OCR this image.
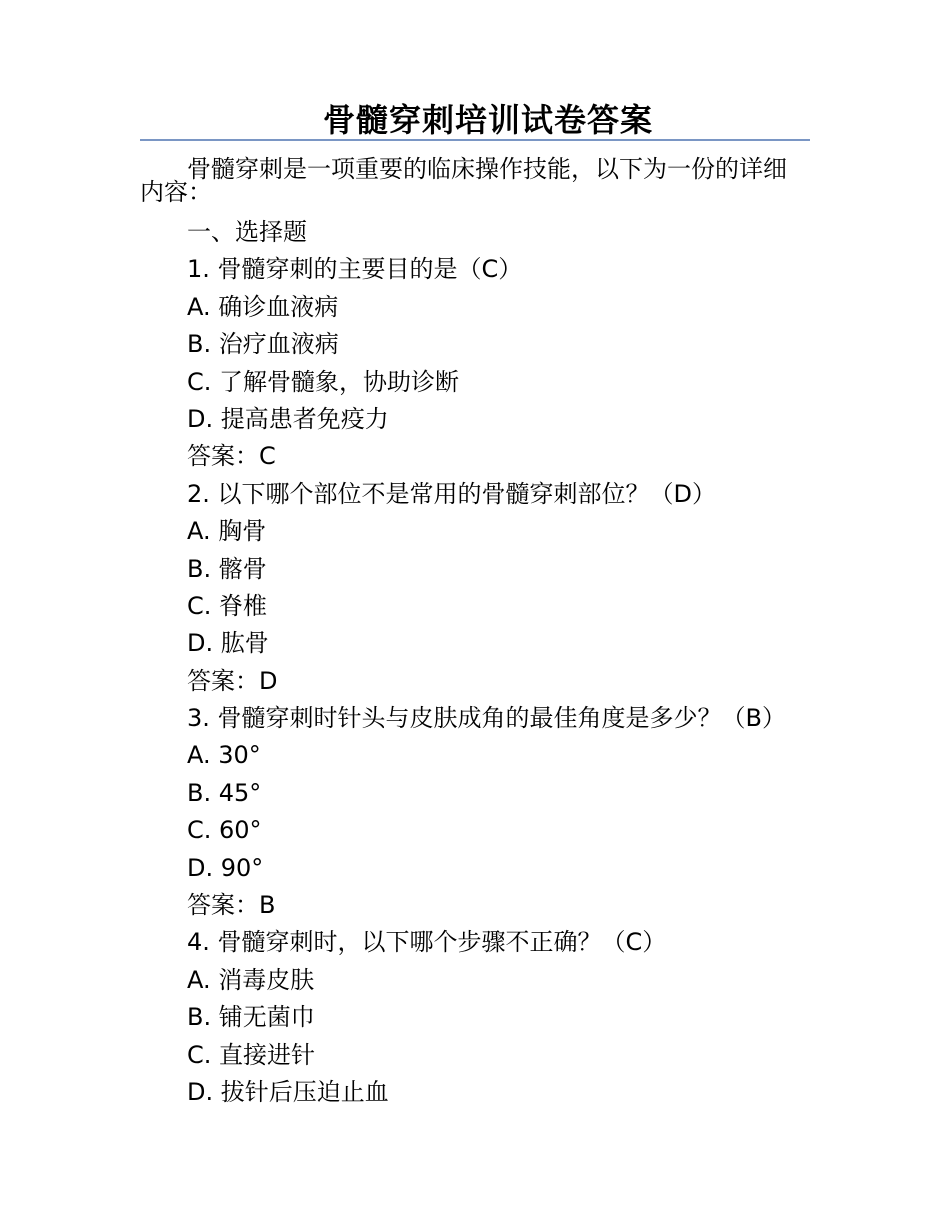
骨髓穿刺培训试卷答案
骨髓穿刺是一项重要的临床操作技能，以下为一份的详细内容：
一、选择题
1. 骨髓穿刺的主要目的是（C）
A. 确诊血液病
B. 治疗血液病
C. 了解骨髓象，协助诊断
D. 提高患者免疫力
答案：C
2. 以下哪个部位不是常用的骨髓穿刺部位？（D）
A. 胸骨
B. 髂骨
C. 脊椎
D. 肱骨
答案：D
3. 骨髓穿刺时针头与皮肤成角的最佳角度是多少？（B）
A. 30°
B. 45°
C. 60°
D. 90°
答案：B
4. 骨髓穿刺时，以下哪个步骤不正确？（C）
A. 消毒皮肤
B. 铺无菌巾
C. 直接进针
D. 拔针后压迫止血
